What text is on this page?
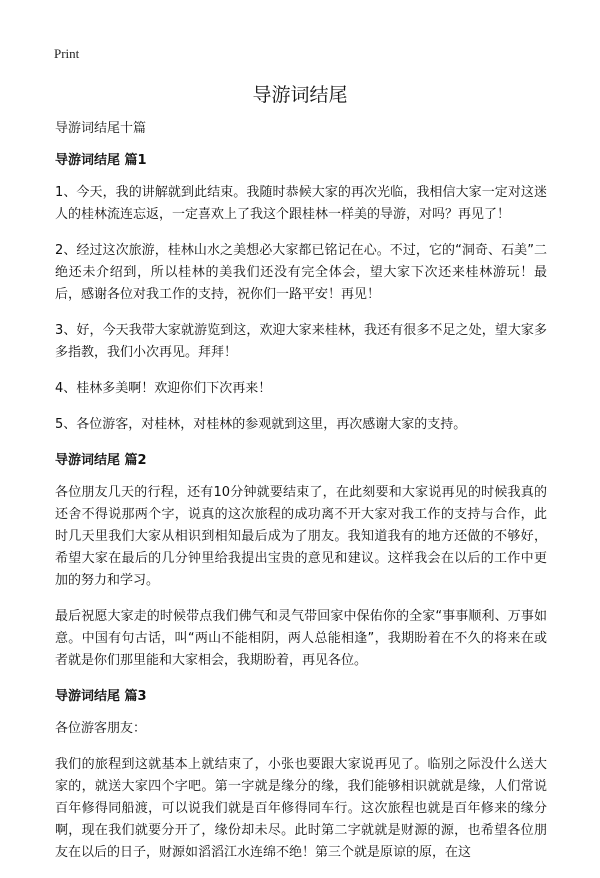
Print
导游词结尾

导游词结尾十篇

导游词结尾 篇1

1、今天，我的讲解就到此结束。我随时恭候大家的再次光临，我相信大家一定对这迷人的桂林流连忘返，一定喜欢上了我这个跟桂林一样美的导游，对吗？再见了！

2、经过这次旅游，桂林山水之美想必大家都已铭记在心。不过，它的“洞奇、石美”二绝还未介绍到，所以桂林的美我们还没有完全体会，望大家下次还来桂林游玩！最后，感谢各位对我工作的支持，祝你们一路平安！再见！

3、好，今天我带大家就游览到这，欢迎大家来桂林，我还有很多不足之处，望大家多多指教，我们小次再见。拜拜！

4、桂林多美啊！欢迎你们下次再来！

5、各位游客，对桂林，对桂林的参观就到这里，再次感谢大家的支持。

导游词结尾 篇2

各位朋友几天的行程，还有10分钟就要结束了，在此刻要和大家说再见的时候我真的还舍不得说那两个字，说真的这次旅程的成功离不开大家对我工作的支持与合作，此时几天里我们大家从相识到相知最后成为了朋友。我知道我有的地方还做的不够好，希望大家在最后的几分钟里给我提出宝贵的意见和建议。这样我会在以后的工作中更加的努力和学习。

最后祝愿大家走的时候带点我们佛气和灵气带回家中保佑你的全家“事事顺利、万事如意。中国有句古话，叫“两山不能相阴，两人总能相逢”，我期盼着在不久的将来在或者就是你们那里能和大家相会，我期盼着，再见各位。

导游词结尾 篇3

各位游客朋友：

我们的旅程到这就基本上就结束了，小张也要跟大家说再见了。临别之际没什么送大家的，就送大家四个字吧。第一字就是缘分的缘，我们能够相识就就是缘，人们常说百年修得同船渡，可以说我们就是百年修得同车行。这次旅程也就是百年修来的缘分啊，现在我们就要分开了，缘份却未尽。此时第二字就就是财源的源，也希望各位朋友在以后的日子，财源如滔滔江水连绵不绝！第三个就是原谅的原，在这
